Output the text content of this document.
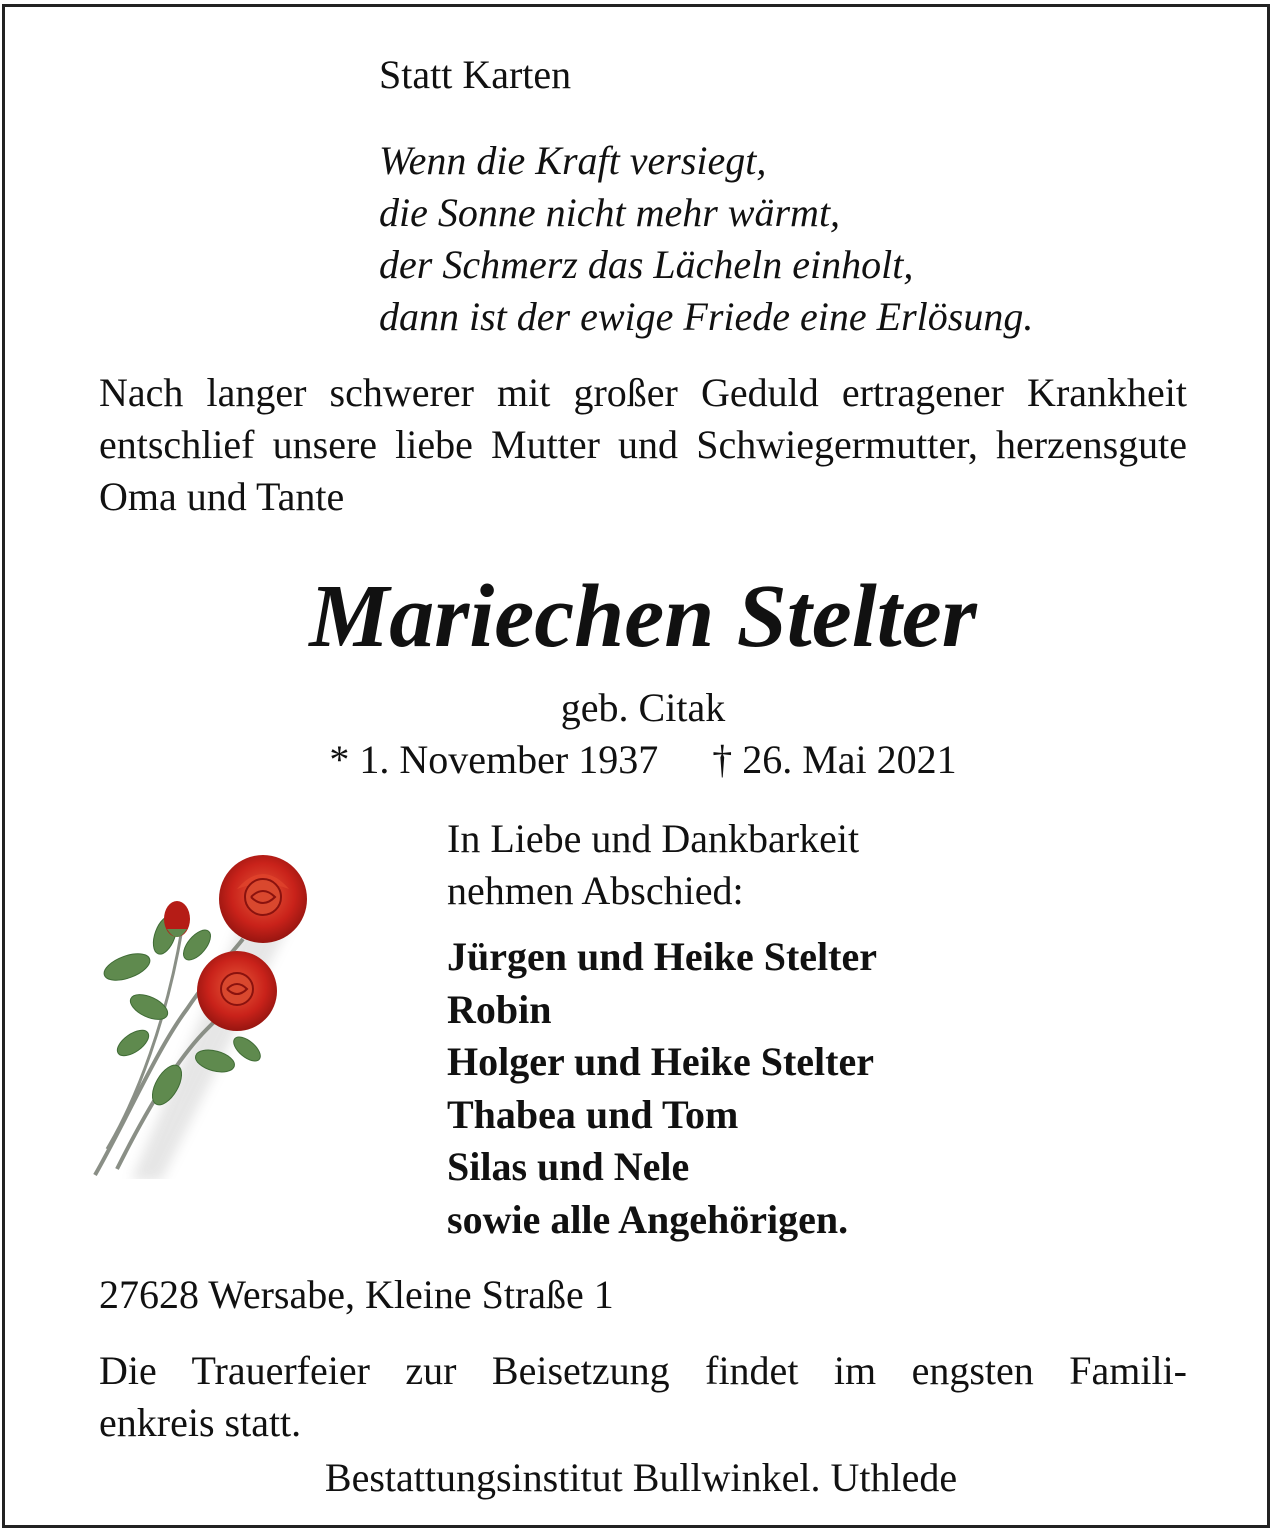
Statt Karten
Wenn die Kraft versiegt,
die Sonne nicht mehr wärmt,
der Schmerz das Lächeln einholt,
dann ist der ewige Friede eine Erlösung.
Nach langer schwerer mit großer Geduld ertragener Krankheit entschlief unsere liebe Mutter und Schwiegermutter, herzensgute Oma und Tante
Mariechen Stelter
geb. Citak
* 1. November 1937 † 26. Mai 2021
In Liebe und Dankbarkeit
nehmen Abschied:
Jürgen und Heike Stelter
Robin
Holger und Heike Stelter
Thabea und Tom
Silas und Nele
sowie alle Angehörigen.
27628 Wersabe, Kleine Straße 1
Die Trauerfeier zur Beisetzung findet im engsten Famili-
enkreis statt.
Bestattungsinstitut Bullwinkel. Uthlede
